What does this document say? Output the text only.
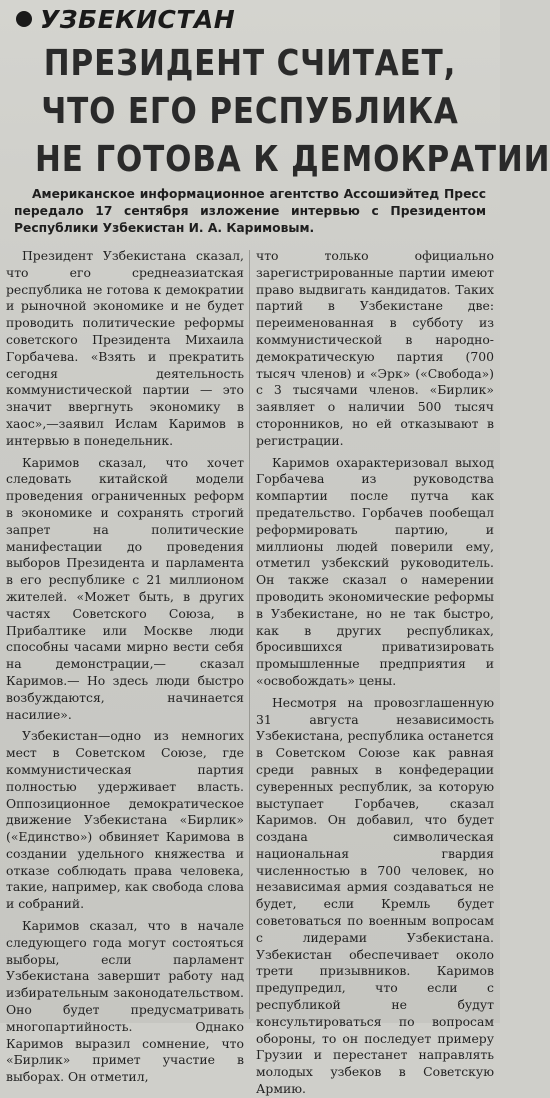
УЗБЕКИСТАН
ПРЕЗИДЕНТ СЧИТАЕТ,
ЧТО ЕГО РЕСПУБЛИКА
НЕ ГОТОВА К ДЕМОКРАТИИ
Американское информационное агентство Ассошиэйтед Пресс передало 17 сентября изложение интервью с Президентом Республики Узбекистан И. А. Каримовым.

Президент Узбекистана сказал, что его среднеазиатская республика не готова к демократии и рыночной экономике и не будет проводить политические реформы советского Президента Михаила Горбачева. «Взять и прекратить сегодня деятельность коммунистической партии — это значит ввергнуть экономику в хаос»,—заявил Ислам Каримов в интервью в понедельник.

Каримов сказал, что хочет следовать китайской модели проведения ограниченных реформ в экономике и сохранять строгий запрет на политические манифестации до проведения выборов Президента и парламента в его республике с 21 миллионом жителей. «Может быть, в других частях Советского Союза, в Прибалтике или Москве люди способны часами мирно вести себя на демонстрации,— сказал Каримов.— Но здесь люди быстро возбуждаются, начинается насилие».

Узбекистан—одно из немногих мест в Советском Союзе, где коммунистическая партия полностью удерживает власть. Оппозиционное демократическое движение Узбекистана «Бирлик» («Единство») обвиняет Каримова в создании удельного княжества и отказе соблюдать права человека, такие, например, как свобода слова и собраний.

Каримов сказал, что в начале следующего года могут состояться выборы, если парламент Узбекистана завершит работу над избирательным законодательством. Оно будет предусматривать многопартийность. Однако Каримов выразил сомнение, что «Бирлик» примет участие в выборах. Он отметил,

что только официально зарегистрированные партии имеют право выдвигать кандидатов. Таких партий в Узбекистане две: переименованная в субботу из коммунистической в народно-демократическую партия (700 тысяч членов) и «Эрк» («Свобода») с 3 тысячами членов. «Бирлик» заявляет о наличии 500 тысяч сторонников, но ей отказывают в регистрации.

Каримов охарактеризовал выход Горбачева из руководства компартии после путча как предательство. Горбачев пообещал реформировать партию, и миллионы людей поверили ему, отметил узбекский руководитель. Он также сказал о намерении проводить экономические реформы в Узбекистане, но не так быстро, как в других республиках, бросившихся приватизировать промышленные предприятия и «освобождать» цены.

Несмотря на провозглашенную 31 августа независимость Узбекистана, республика останется в Советском Союзе как равная среди равных в конфедерации суверенных республик, за которую выступает Горбачев, сказал Каримов. Он добавил, что будет создана символическая национальная гвардия численностью в 700 человек, но независимая армия создаваться не будет, если Кремль будет советоваться по военным вопросам с лидерами Узбекистана. Узбекистан обеспечивает около трети призывников. Каримов предупредил, что если с республикой не будут консультироваться по вопросам обороны, то он последует примеру Грузии и перестанет направлять молодых узбеков в Советскую Армию.
